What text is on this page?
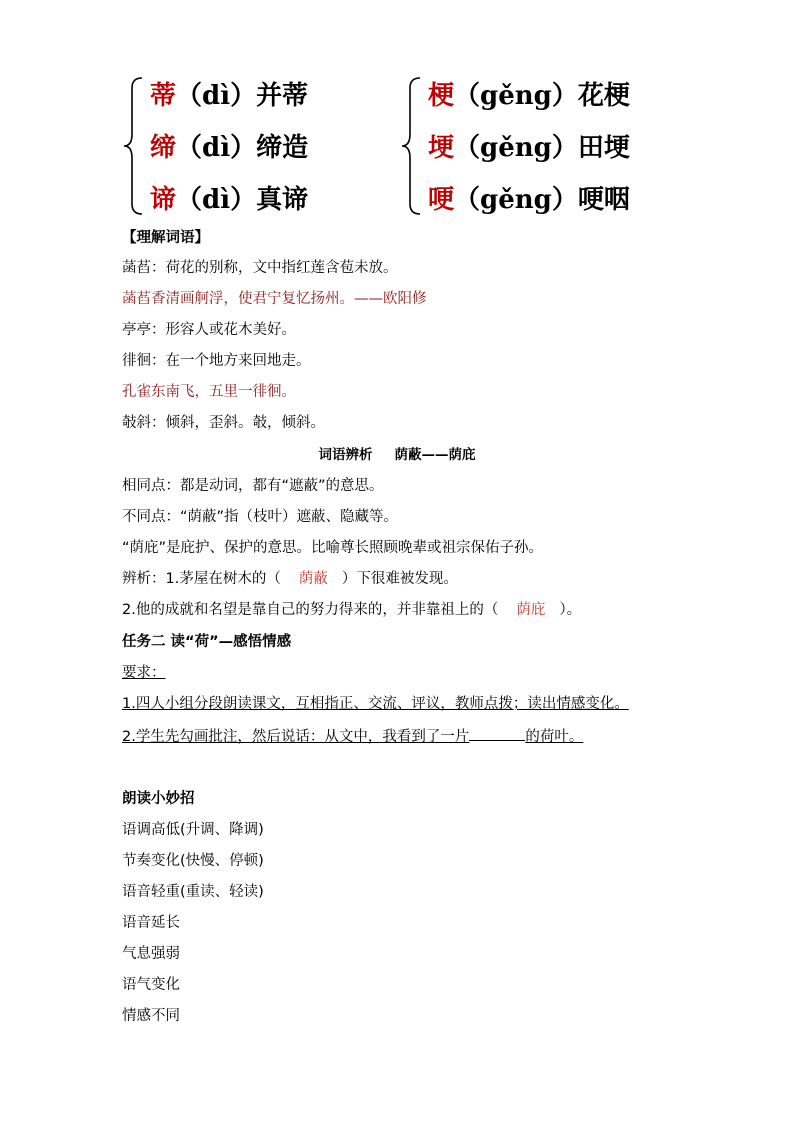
蒂（dì）并蒂
缔（dì）缔造
谛（dì）真谛
梗（gěng）花梗
埂（gěng）田埂
哽（gěng）哽咽
【理解词语】
菡萏：荷花的别称，文中指红莲含苞未放。
菡萏香清画舸浮，使君宁复忆扬州。——欧阳修
亭亭：形容人或花木美好。
徘徊：在一个地方来回地走。
孔雀东南飞，五里一徘徊。
攲斜：倾斜，歪斜。攲，倾斜。
词语辨析 荫蔽——荫庇
相同点：都是动词，都有“遮蔽”的意思。
不同点：“荫蔽”指（枝叶）遮蔽、隐藏等。
“荫庇”是庇护、保护的意思。比喻尊长照顾晚辈或祖宗保佑子孙。
辨析：1.茅屋在树木的（ 荫蔽 ）下很难被发现。
2.他的成就和名望是靠自己的努力得来的，并非靠祖上的（ 荫庇 ）。
任务二 读“荷”—感悟情感
要求：
1.四人小组分段朗读课文，互相指正、交流、评议，教师点拨；读出情感变化。
2.学生先勾画批注，然后说话：从文中，我看到了一片	的荷叶。
朗读小妙招
语调高低(升调、降调)
节奏变化(快慢、停顿)
语音轻重(重读、轻读)
语音延长
气息强弱
语气变化
情感不同
